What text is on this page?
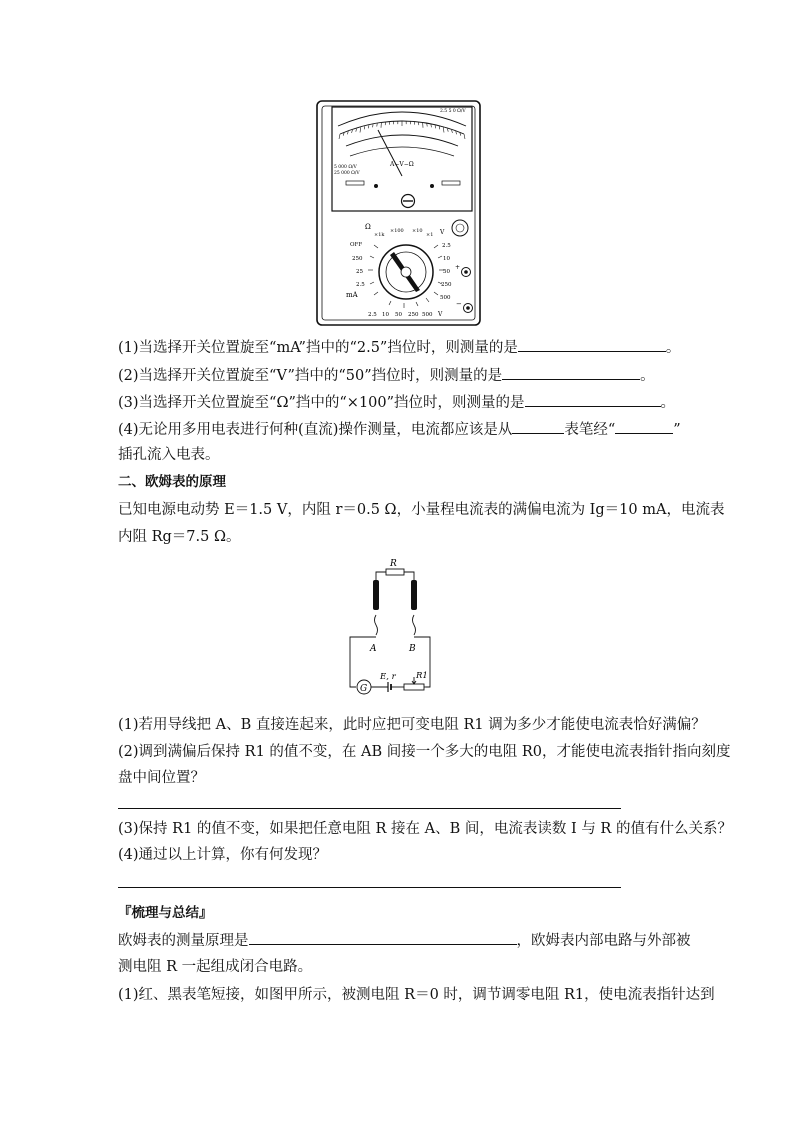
A−V−Ω
5 000 Ω/V
25 000 Ω/V
2.5 5 0 Ω/V
Ω
×1k
×100 ×10
×1
OFF
250
25
2.5
mA
V
2.5
10
50
250
500
2.5 10 50 250 500 V
+
−
(1)当选择开关位置旋至“mA”挡中的“2.5”挡位时，则测量的是	。
(2)当选择开关位置旋至“V”挡中的“50”挡位时，则测量的是	。
(3)当选择开关位置旋至“Ω”挡中的“×100”挡位时，则测量的是	。
(4)无论用多用电表进行何种(直流)操作测量，电流都应该是从	表笔经“	”
插孔流入电表。
二、欧姆表的原理
已知电源电动势 E＝1.5 V，内阻 r＝0.5 Ω，小量程电流表的满偏电流为 Ig＝10 mA，电流表
内阻 Rg＝7.5 Ω。
R
A	B
G
E, r R1
(1)若用导线把 A、B 直接连起来，此时应把可变电阻 R1 调为多少才能使电流表恰好满偏？
(2)调到满偏后保持 R1 的值不变，在 AB 间接一个多大的电阻 R0，才能使电流表指针指向刻度
盘中间位置？
(3)保持 R1 的值不变，如果把任意电阻 R 接在 A、B 间，电流表读数 I 与 R 的值有什么关系？
(4)通过以上计算，你有何发现？
『梳理与总结』
欧姆表的测量原理是	，欧姆表内部电路与外部被
测电阻 R 一起组成闭合电路。
(1)红、黑表笔短接，如图甲所示，被测电阻 R＝0 时，调节调零电阻 R1，使电流表指针达到
